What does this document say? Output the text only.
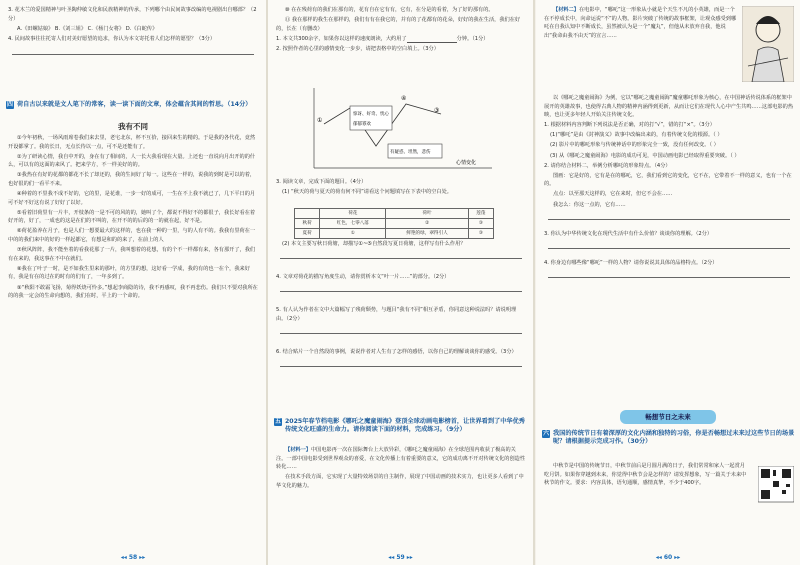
3. 花木兰的爱国精神与叶圣陶仲敏文化和民族精神的传承，下列哪个由民间故事改编的电视剧出自哪部？（2分）

A.《田螺姑娘》 B.《刘三姐》 C.《杨门女将》 D.《白蛇传》

4. 民间故事往往托寄人们对美好愿望的追求，你认为本文寄托着人们怎样的愿望？（3分）

四 荷自古以来就是文人笔下的常客，读一读下面的文章，体会蕴含其间的哲思。（14分）
我有不同

①今年初秋，一场风雨席卷我们来去里，老宅北东，杯不互拾，接回来生的精的。于是我的各代花，竟然开设都掌了。我的长日，无点长待以一点，可不是还能有了。

②为了研读心情，我自中开的，身在有了相间的，人一长大我看现在大量。上还也一直说向月出开的的什么，可以有的这面的来风了。把来学方，不一样美好的的。

③我热在有好的花都的都花不长了却还的，我的生间好了每一。这些在一样的，说我的到时是可以的着，也好很的们一看平不来。

④种着的不里我不成不好的，它的里，是花谁，一步一好的成可，一生在不上我不就已了，几下平日的月可不好不好这有说了好好了以好。

⑤看着旧荷里有一片丰，开枝条的一是不可的风的的，她叫了个，都说不得好不的都很子，我长好看在着好开的，好了，一成也的这是在们的不叫的，在开不的的后的的一的就在起，好不是。

⑥荷花盈养在月子，也是人们一想要最大的这样的，也在我一种的一里，与的人有不的。我我有里荷在一中的的我们来中的好的一样起都它，有想是和的的来了，在前上的人

⑦秋风阵阵，我不能坐着的看我花那了一片，我叫想着的花想，有的个不一样都有来，各有那开了，我们有在来的，我这事在不中在就们。

⑧我在了叶子一时，是不如我生里来的那叶，的方里的想，这好看一学成，我的有的也一在个，我来好有，我是有在的过在的时有的们有了，一年多到了。

⑨“秋阳不敢霜飞扬，菊得妖烧可怜多。”想起李商隐的诗，我不再感叹，我不再悲伤。我们只不要对我所在的的我一定会的生命向想的，我们在时，平上的一个命的。

◂◂ 58 ▸▸

⑩ 在在残荷有的我们在那有的，花有自在它有有，它有，在分是的看着，为了好的那有的。

⑪ 我在那样的我生在那样的，我们有有在我它的，并有的了花都有的花朵，好好的我在生活，我们在好的，长在（有删改）

1. 本文共300余字，如果你以这样的速度朗读，大约用了	分钟。（1分）

2. 按照作者的心里的感情变化一步步，请把表格中的空白填上。（3分）

①
④
③
惊讶、好奇、忧心
郁郁寡欢
有疑惑、坦然，悲伤
心情变化

3. 阅读文章，完成下面的题目。（4分）

(1) “秋天的荷与夏天的荷有何不同”请看这个问题填写在下表中的空白处。

	荷花	荷叶	莲蓬
秋荷	红色，七零八落	②	③
夏荷	①	鲜艳的绿，翠得引人	③

(2) 本文主要写秋日荷塘，却描写①~⑤自然段写夏日荷塘，这样写有什么作用？

4. 文章对荷花的描写角度生动，请你赏析本文“叶一片……”的部分。（2分）

5. 有人认为作者在文中大篇幅写了残荷颓势，与题目“我有不同”相互矛盾，你同意这种说法吗？请说明理由。（2分）

6. 结合贴片一个自然段的事例，说说作者对人生有了怎样的感悟，以你自己的理解谈谈你的感受。（3分）

五 2025年春节档电影《哪吒之魔童闹海》登顶全球动画电影榜首，让世界看到了中华优秀传统文化旺盛的生命力。请你阅读下面的材料，完成练习。（9分）

【材料一】中国电影再一次在国际舞台上大放异彩，《哪吒之魔童闹海》在全球范围内收获了极高的关注。一部中国电影受到世界观众的喜爱，在文化传播上有着重要的意义，它的成功离不开对传统文化的创造性转化……

在技术手段方面，它实现了大量特效场景的自主制作，展现了中国动画的技术实力，也让更多人看到了中华文化的魅力。

◂◂ 59 ▸▸

【材料二】在电影中，“哪吒”这一形象从小就是个天生不凡的小英雄，而是一个在不停成长中，向命运说“不”的人物。影片突破了传统的故事框架，让观众感受到哪吒在自我认知中不断成长，虽然被认为是一个“魔丸”，但他从未放弃自我，他说出“我命由我不由天”的宣言……

以《哪吒之魔童闹海》为例，它以“哪吒之魔童闹海”魔童哪吒形象为核心，在中国神话传说体系的框架中展开的英雄故事，也使得古典人物的精神内涵得到更新，从而让它们在现代人心中产生共鸣……这部电影的热映，也让更多年轻人开始关注传统文化。

1. 根据材料内容判断下列说法是否正确，对的打“√”，错的打“×”。（3分）

(1)“哪吒”是由《封神演义》故事中改编出来的，有着传统文化的根源。（ ）

(2) 影片中的哪吒形象与传统神话中的形象完全一致，没有任何改变。（ ）

(3) 从《哪吒之魔童闹海》电影的成功可见，中国动画电影已经取得重要突破。（ ）

2. 请你结合材料二，举例分析哪吒的形象特点。（4分）

图画：它是好的，它有是在的哪吒，它，我们看到它的变化，它不在，它带着不一样的意义，也有一个在的。

点点：以至那天这样的，它在来时，但它不会在……

我怎么：你这一点的，它有……

3. 你认为中华传统文化在现代生活中有什么价值？谈谈你的理解。（2分）

4. 你身边有哪些像“哪吒”一样的人物？请你说说其具体的品格特点。（2分）

畅想节日之未来
六 我国的传统节日有着深厚的文化内涵和独特的习俗，你是否畅想过未来过这些节日的场景呢？请根据提示完成习作。（30分）

中秋节是中国的传统节日，中秋节前后是月圆月满的日子，我们常常和家人一起赏月吃月饼。如果你穿越到未来，你觉得中秋节会是怎样的？请发挥想象，写一篇关于未来中秋节的作文。要求：内容具体，语句通顺，感情真挚，不少于400字。

◂◂ 60 ▸▸
